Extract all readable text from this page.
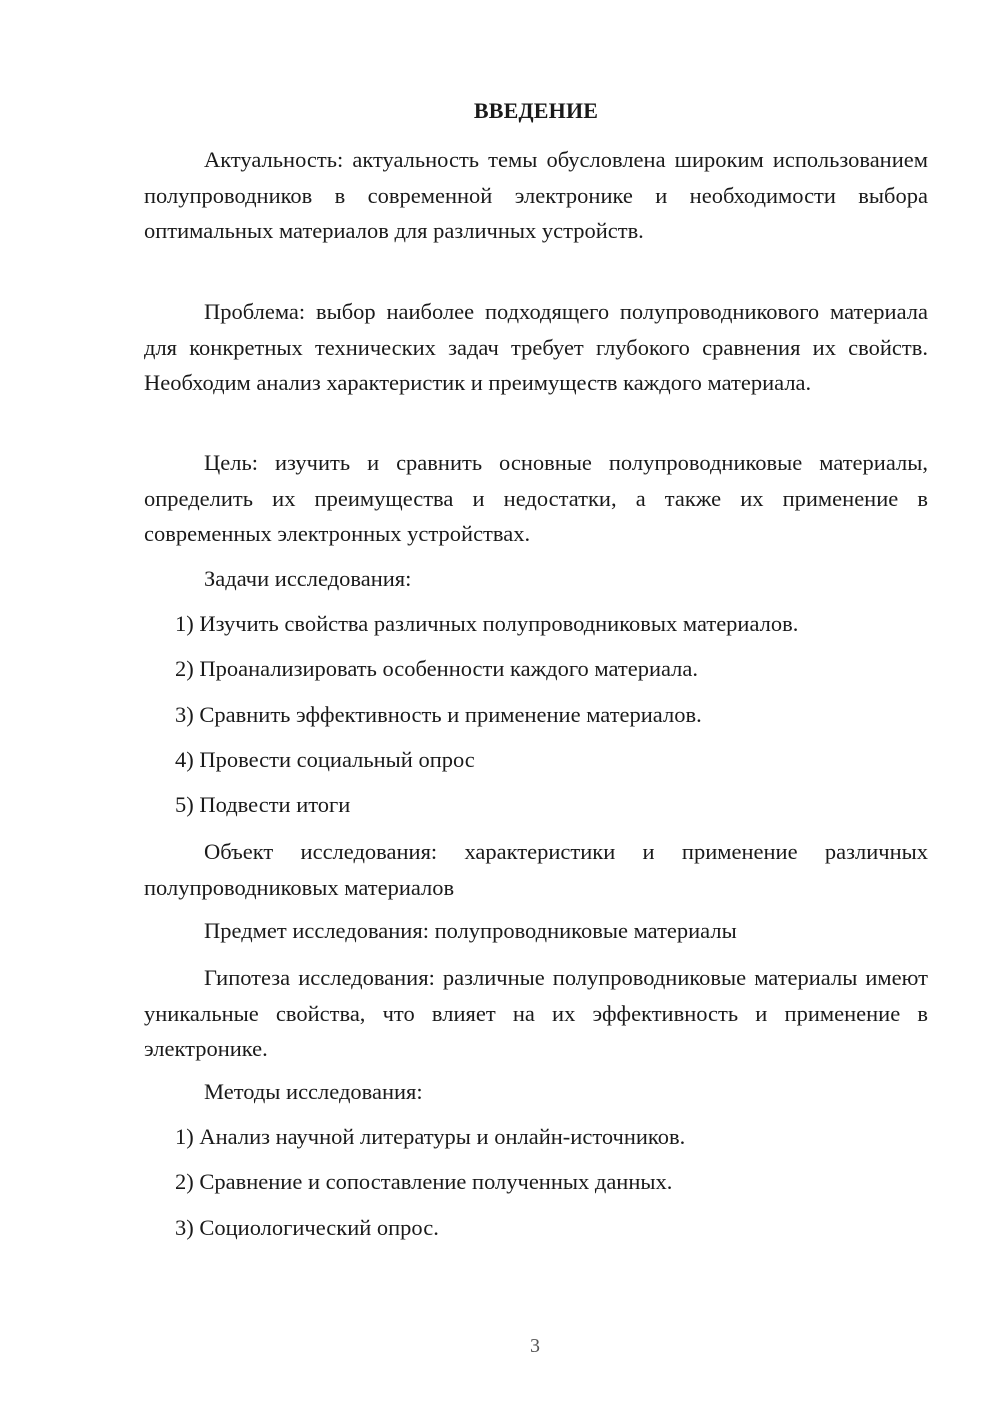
ВВЕДЕНИЕ

Актуальность: актуальность темы обусловлена широким использованием полупроводников в современной электронике и необходимости выбора оптимальных материалов для различных устройств.

Проблема: выбор наиболее подходящего полупроводникового материала для конкретных технических задач требует глубокого сравнения их свойств. Необходим анализ характеристик и преимуществ каждого материала.

Цель: изучить и сравнить основные полупроводниковые материалы, определить их преимущества и недостатки, а также их применение в современных электронных устройствах.

Задачи исследования:
1) Изучить свойства различных полупроводниковых материалов.
2) Проанализировать особенности каждого материала.
3) Сравнить эффективность и применение материалов.
4) Провести социальный опрос
5) Подвести итоги

Объект исследования: характеристики и применение различных полупроводниковых материалов

Предмет исследования: полупроводниковые материалы

Гипотеза исследования: различные полупроводниковые материалы имеют уникальные свойства, что влияет на их эффективность и применение в электронике.

Методы исследования:
1) Анализ научной литературы и онлайн-источников.
2) Сравнение и сопоставление полученных данных.
3) Социологический опрос.
3
